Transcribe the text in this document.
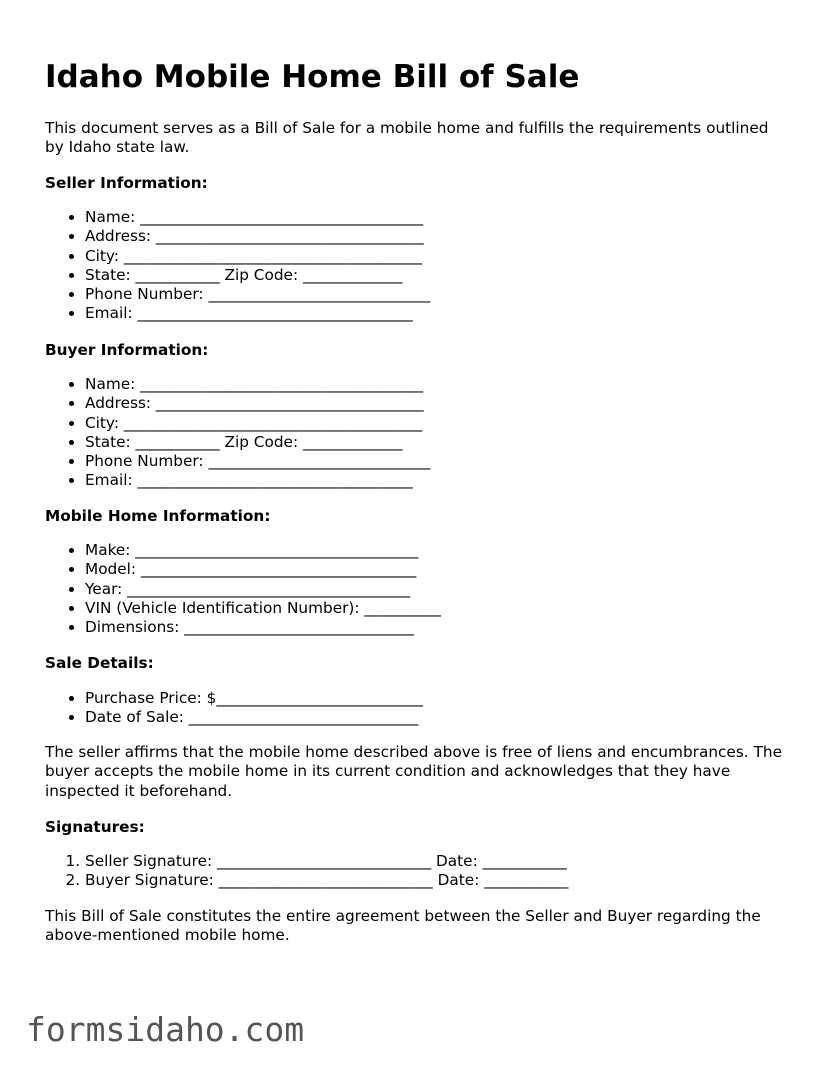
Idaho Mobile Home Bill of Sale

This document serves as a Bill of Sale for a mobile home and fulfills the requirements outlined by Idaho state law.

Seller Information:
• Name: _____________________________________
• Address: ___________________________________
• City: _______________________________________
• State: ___________ Zip Code: _____________
• Phone Number: _____________________________
• Email: ____________________________________
Buyer Information:
• Name: _____________________________________
• Address: ___________________________________
• City: _______________________________________
• State: ___________ Zip Code: _____________
• Phone Number: _____________________________
• Email: ____________________________________
Mobile Home Information:
• Make: _____________________________________
• Model: ____________________________________
• Year: _____________________________________
• VIN (Vehicle Identification Number): __________
• Dimensions: ______________________________
Sale Details:
• Purchase Price: $___________________________
• Date of Sale: ______________________________

The seller affirms that the mobile home described above is free of liens and encumbrances. The buyer accepts the mobile home in its current condition and acknowledges that they have inspected it beforehand.

Signatures:
1. Seller Signature: ____________________________ Date: ___________
2. Buyer Signature: ____________________________ Date: ___________

This Bill of Sale constitutes the entire agreement between the Seller and Buyer regarding the above-mentioned mobile home.

formsidaho.com
